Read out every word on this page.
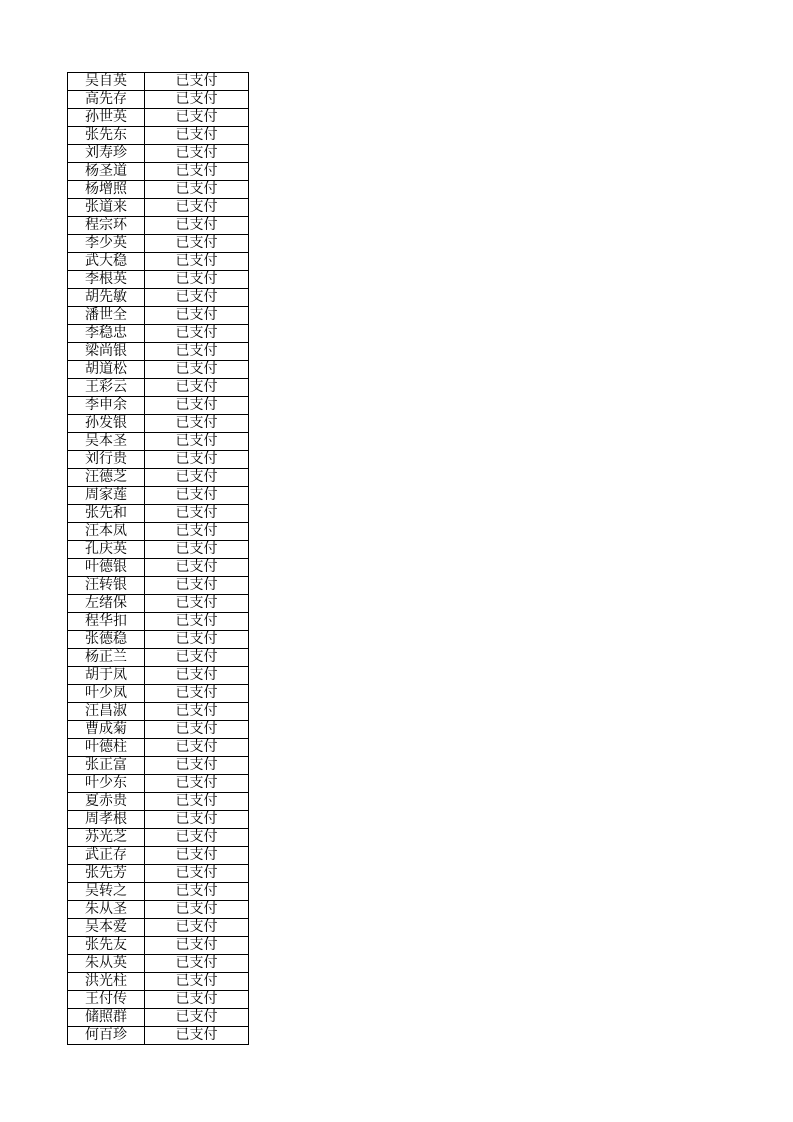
吴自英	已支付
高先存	已支付
孙世英	已支付
张先东	已支付
刘寿珍	已支付
杨圣道	已支付
杨增照	已支付
张道来	已支付
程宗环	已支付
李少英	已支付
武大稳	已支付
李根英	已支付
胡先敏	已支付
潘世全	已支付
李稳忠	已支付
梁尚银	已支付
胡道松	已支付
王彩云	已支付
李申余	已支付
孙发银	已支付
吴本圣	已支付
刘行贵	已支付
汪德芝	已支付
周家莲	已支付
张先和	已支付
汪本凤	已支付
孔庆英	已支付
叶德银	已支付
汪转银	已支付
左绪保	已支付
程华扣	已支付
张德稳	已支付
杨正兰	已支付
胡于凤	已支付
叶少凤	已支付
汪昌淑	已支付
曹成菊	已支付
叶德柱	已支付
张正富	已支付
叶少东	已支付
夏赤贵	已支付
周孝根	已支付
苏光芝	已支付
武正存	已支付
张先芳	已支付
吴转之	已支付
朱从圣	已支付
吴本爱	已支付
张先友	已支付
朱从英	已支付
洪光柱	已支付
王付传	已支付
储照群	已支付
何百珍	已支付
